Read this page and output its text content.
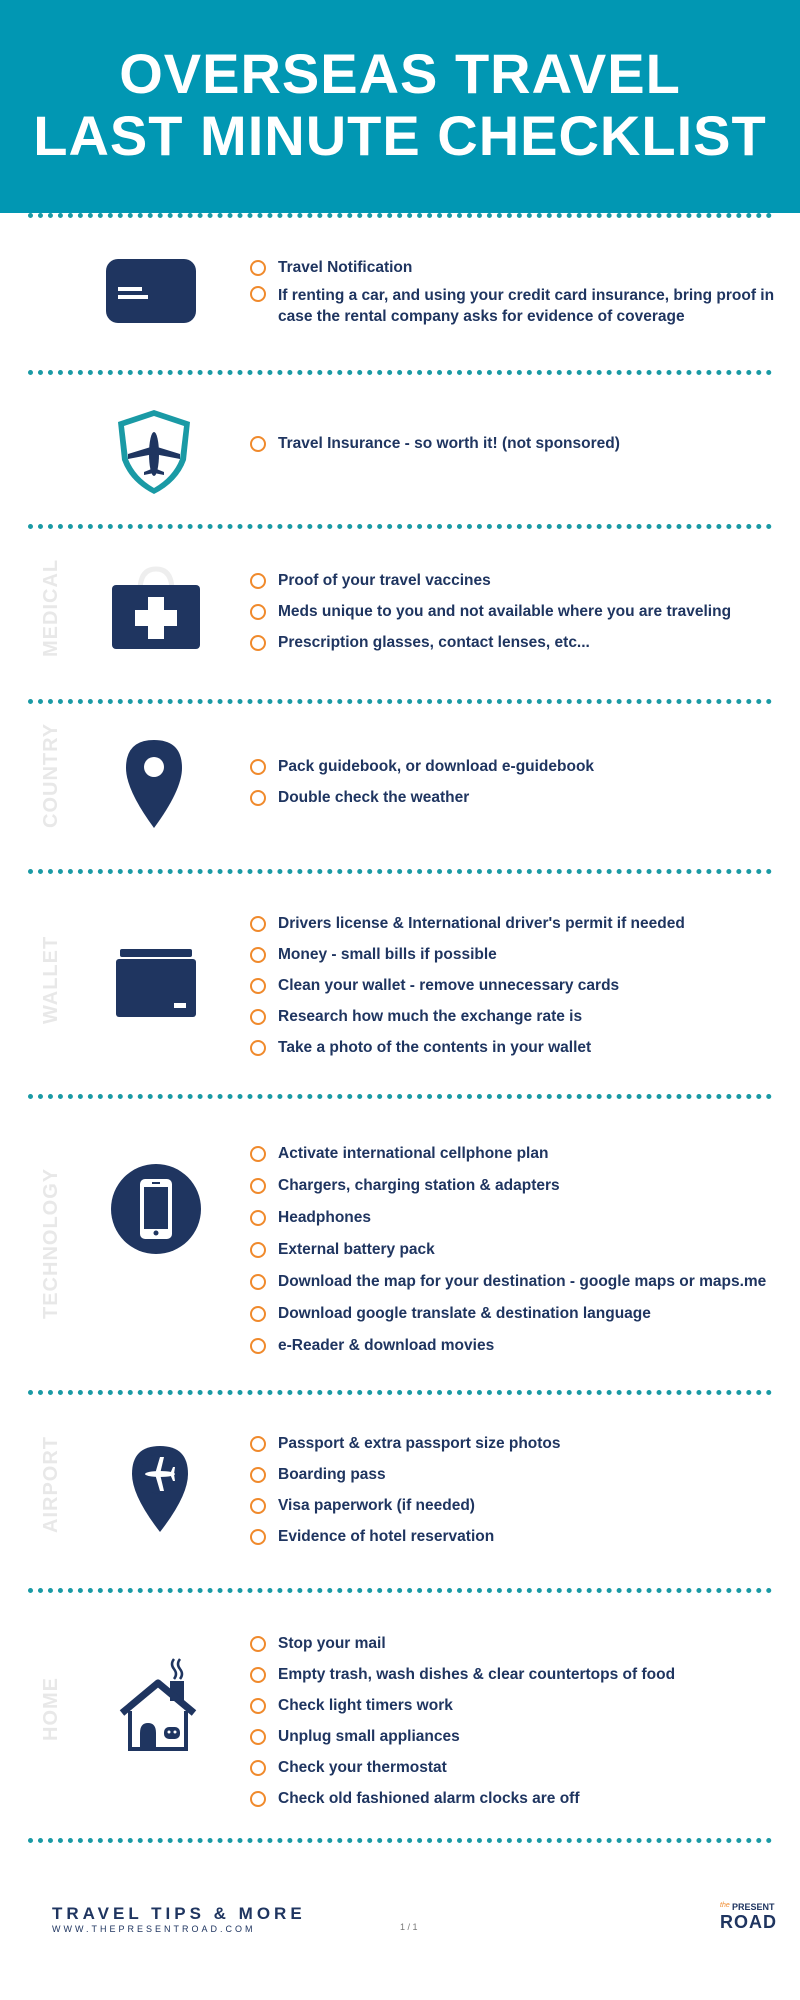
OVERSEAS TRAVEL
LAST MINUTE CHECKLIST
Travel Notification
If renting a car, and using your credit card insurance, bring proof in case the rental company asks for evidence of coverage
Travel Insurance - so worth it! (not sponsored)
MEDICAL	Proof of your travel vaccines
Meds unique to you and not available where you are traveling
Prescription glasses, contact lenses, etc...
COUNTRY	Pack guidebook, or download e-guidebook
Double check the weather
WALLET
Drivers license & International driver's permit if needed
Money - small bills if possible
Clean your wallet - remove unnecessary cards
Research how much the exchange rate is
Take a photo of the contents in your wallet
TECHNOLOGY
Activate international cellphone plan
Chargers, charging station & adapters
Headphones
External battery pack
Download the map for your destination - google maps or maps.me
Download google translate & destination language
e-Reader & download movies
AIRPORT	Passport & extra passport size photos
Boarding pass
Visa paperwork (if needed)
Evidence of hotel reservation
HOME
Stop your mail
Empty trash, wash dishes & clear countertops of food
Check light timers work
Unplug small appliances
Check your thermostat
Check old fashioned alarm clocks are off
TRAVEL TIPS & MORE
WWW.THEPRESENTROAD.COM	1 / 1
the PRESENT
ROAD
